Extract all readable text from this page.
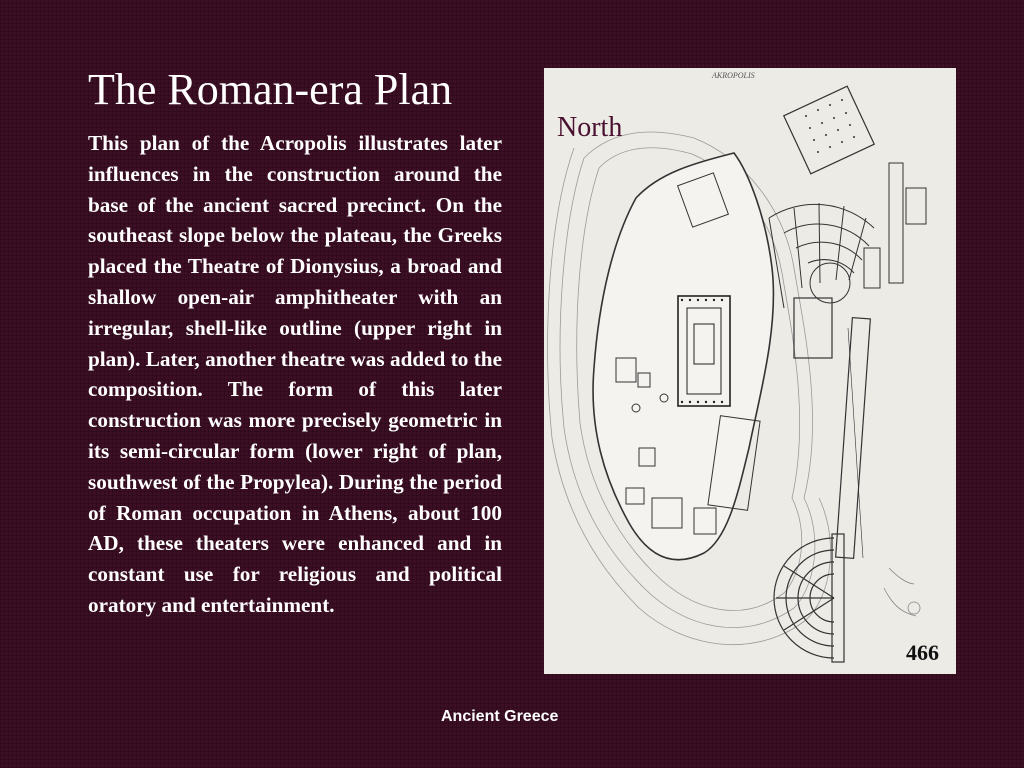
The Roman-era Plan
This plan of the Acropolis illustrates later influences in the construction around the base of the ancient sacred precinct. On the southeast slope below the plateau, the Greeks placed the Theatre of Dionysius, a broad and shallow open-air amphitheater with an irregular, shell-like outline (upper right in plan). Later, another theatre was added to the composition. The form of this later construction was more precisely geometric in its semi-circular form (lower right of plan, southwest of the Propylea). During the period of Roman occupation in Athens, about 100 AD, these theaters were enhanced and in constant use for religious and political oratory and entertainment.
AKROPOLIS
North
466
Ancient Greece
